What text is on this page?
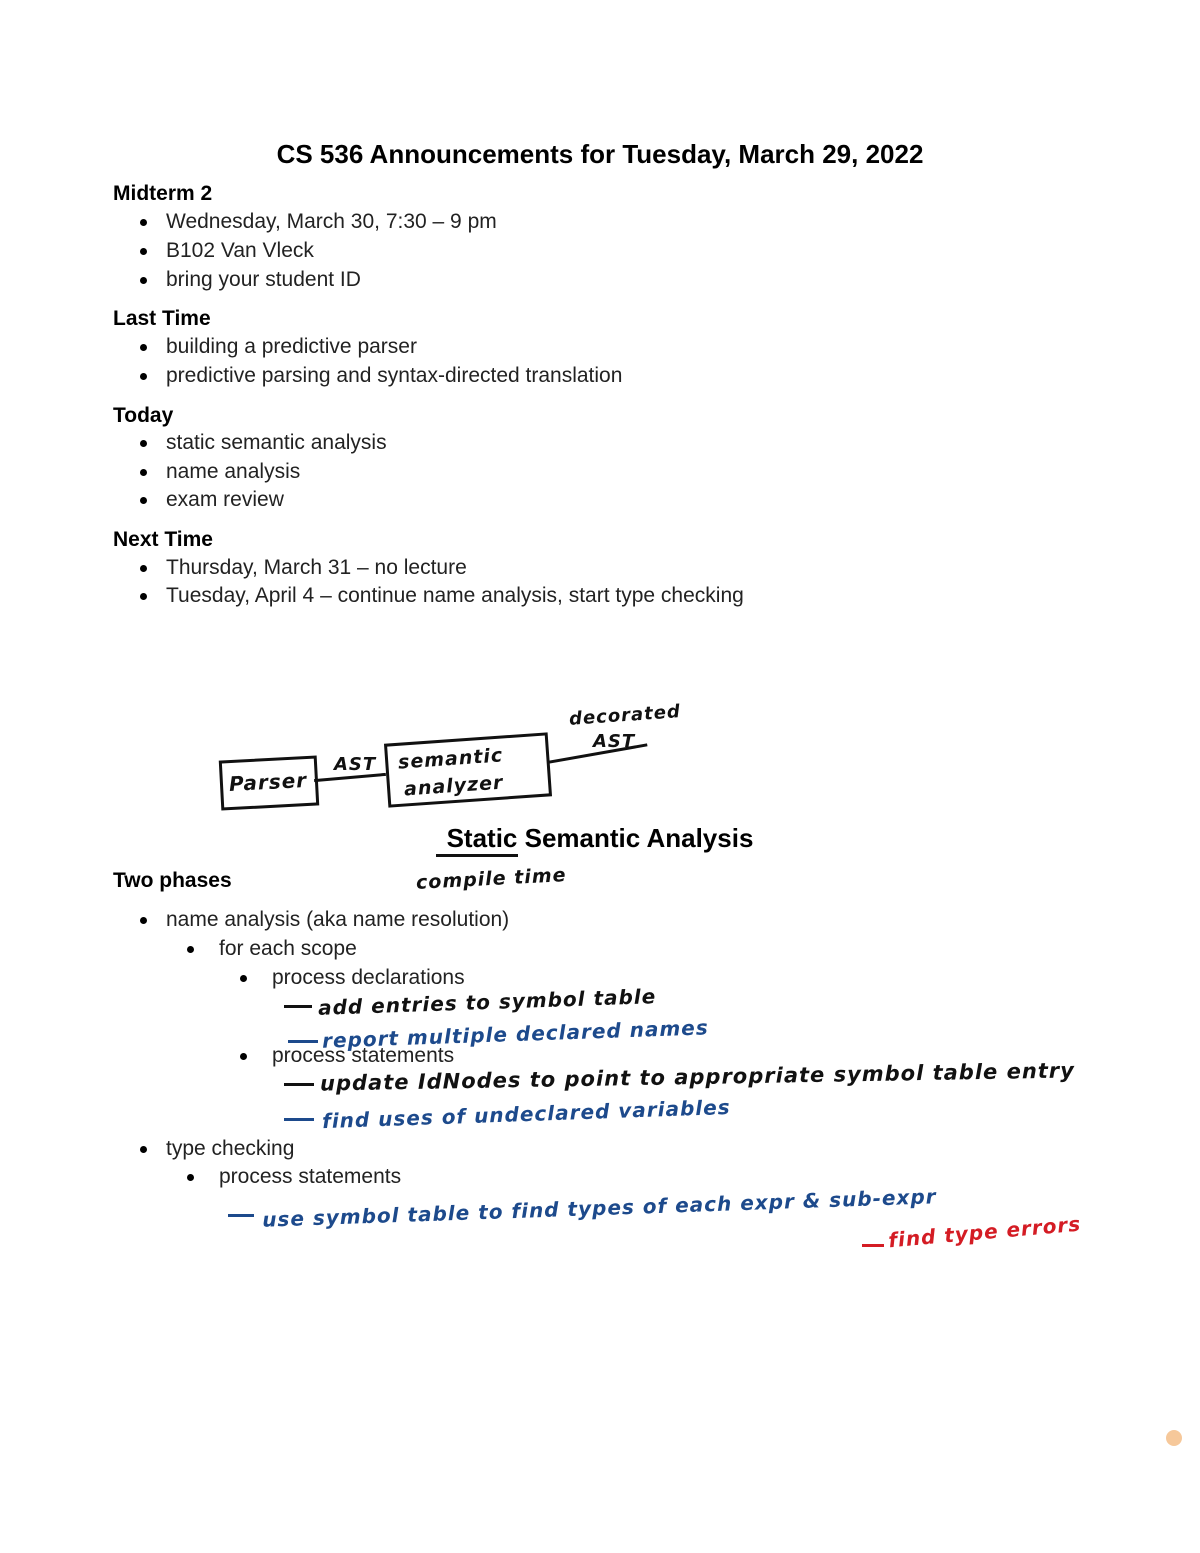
CS 536 Announcements for Tuesday, March 29, 2022
Midterm 2
Wednesday, March 30, 7:30 – 9 pm
B102 Van Vleck
bring your student ID
Last Time
building a predictive parser
predictive parsing and syntax-directed translation
Today
static semantic analysis
name analysis
exam review
Next Time
Thursday, March 31 – no lecture
Tuesday, April 4 – continue name analysis, start type checking
Parser
AST semantic
analyzer
decorated
AST
Static Semantic Analysis
Two phases	compile time
name analysis (aka name resolution)
for each scope
process declarations
add entries to symbol table
report multiple declared names
process statements
update IdNodes to point to appropriate symbol table entry
find uses of undeclared variables
type checking
process statements
use symbol table to find types of each expr & sub-expr
find type errors
